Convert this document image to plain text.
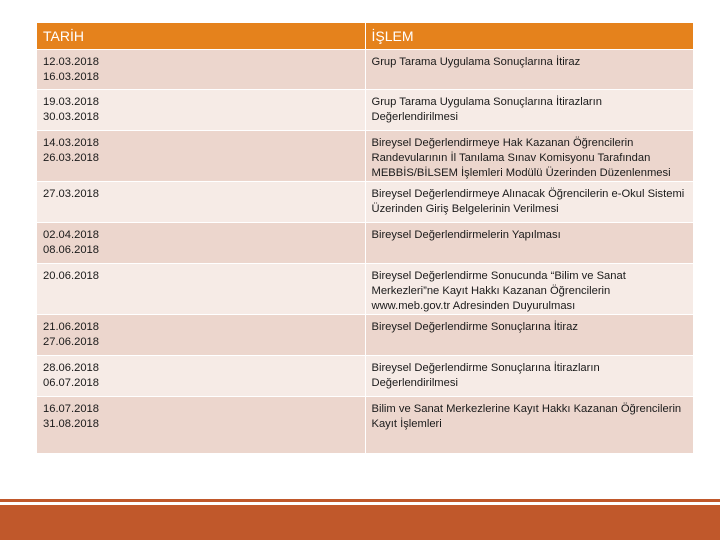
TARİH	İŞLEM

12.03.2018
16.03.2018	Grup Tarama Uygulama Sonuçlarına İtiraz

19.03.2018
30.03.2018	Grup Tarama Uygulama Sonuçlarına İtirazların Değerlendirilmesi

14.03.2018
26.03.2018	Bireysel Değerlendirmeye Hak Kazanan Öğrencilerin Randevularının İl Tanılama Sınav Komisyonu Tarafından MEBBİS/BİLSEM İşlemleri Modülü Üzerinden Düzenlenmesi

27.03.2018	Bireysel Değerlendirmeye Alınacak Öğrencilerin e-Okul Sistemi Üzerinden Giriş Belgelerinin Verilmesi

02.04.2018
08.06.2018	Bireysel Değerlendirmelerin Yapılması

20.06.2018	Bireysel Değerlendirme Sonucunda “Bilim ve Sanat Merkezleri”ne Kayıt Hakkı Kazanan Öğrencilerin www.meb.gov.tr Adresinden Duyurulması

21.06.2018
27.06.2018	Bireysel Değerlendirme Sonuçlarına İtiraz

28.06.2018
06.07.2018	Bireysel Değerlendirme Sonuçlarına İtirazların Değerlendirilmesi

16.07.2018
31.08.2018	Bilim ve Sanat Merkezlerine Kayıt Hakkı Kazanan Öğrencilerin Kayıt İşlemleri
